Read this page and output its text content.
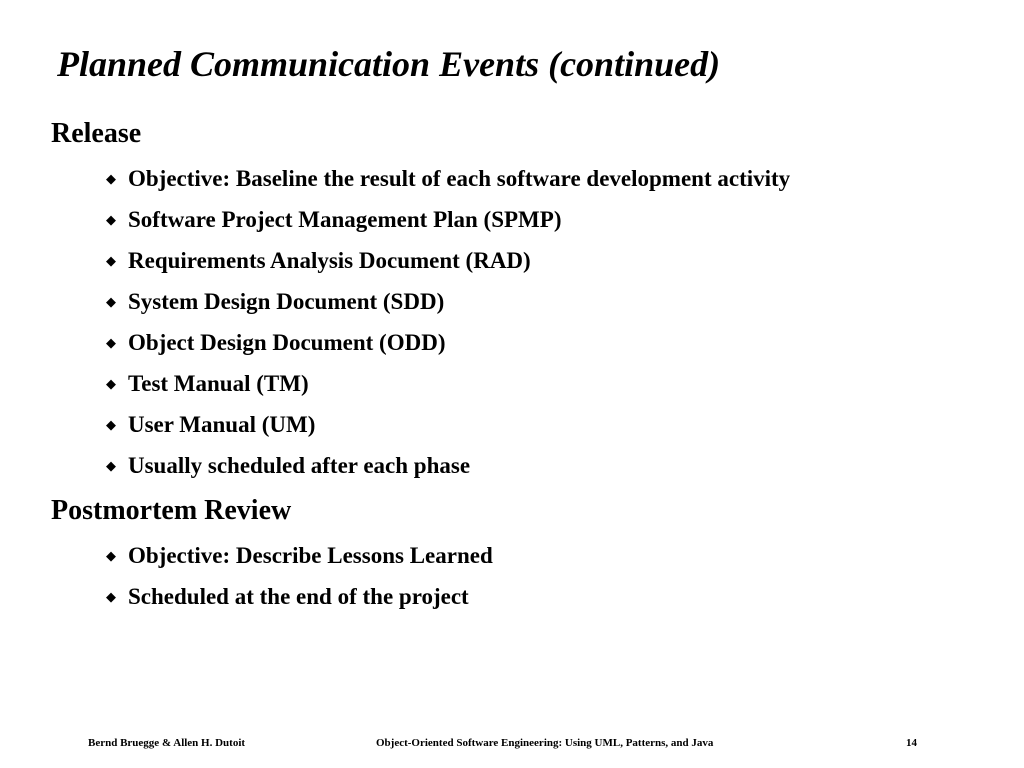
Planned Communication Events (continued)
Release
◆ Objective: Baseline the result of each software development activity
◆ Software Project Management Plan (SPMP)
◆ Requirements Analysis Document (RAD)
◆ System Design Document (SDD)
◆ Object Design Document (ODD)
◆ Test Manual (TM)
◆ User Manual (UM)
◆ Usually scheduled after each phase
Postmortem Review
◆ Objective: Describe Lessons Learned
◆ Scheduled at the end of the project
Bernd Bruegge & Allen H. Dutoit	Object-Oriented Software Engineering: Using UML, Patterns, and Java	14
